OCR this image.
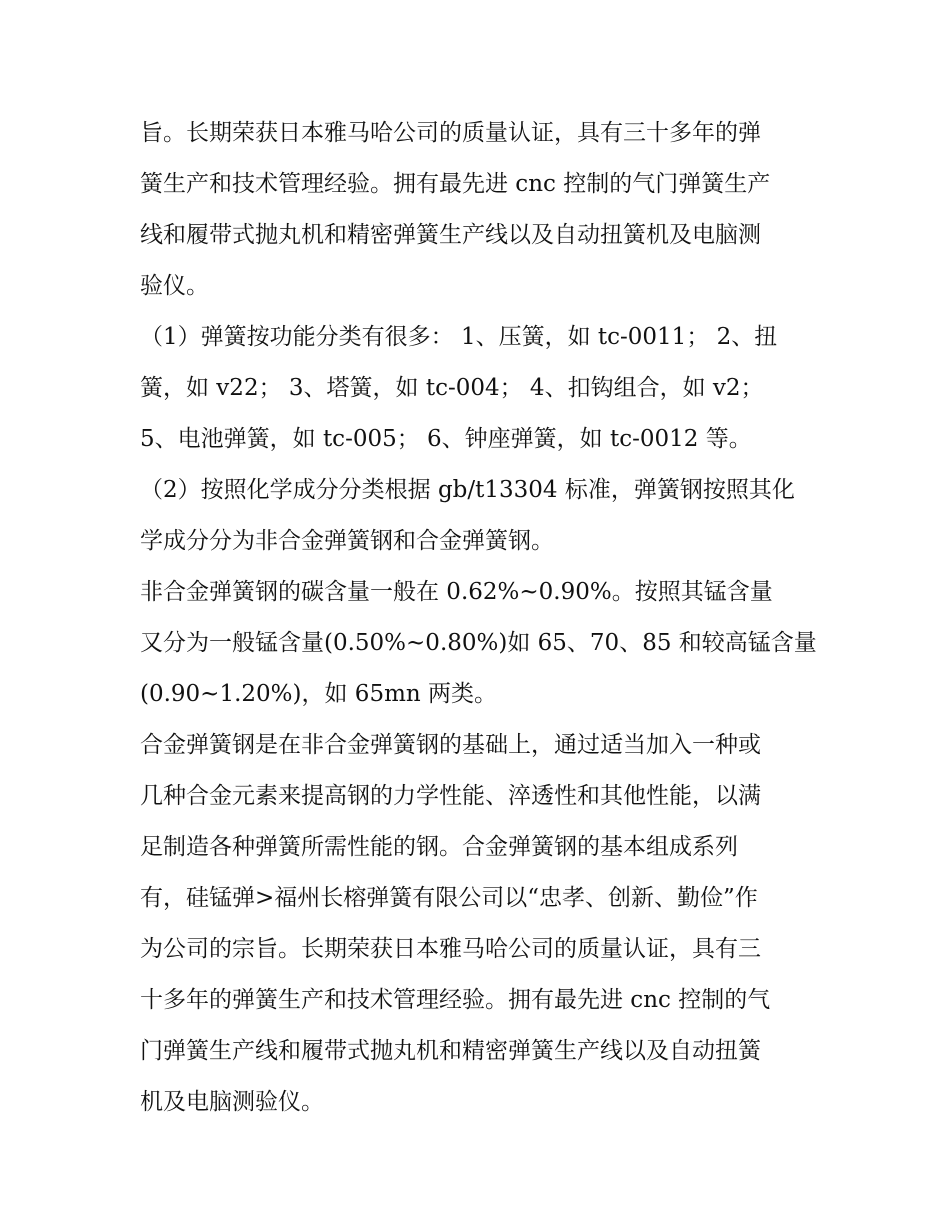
旨。长期荣获日本雅马哈公司的质量认证，具有三十多年的弹
簧生产和技术管理经验。拥有最先进 cnc 控制的气门弹簧生产
线和履带式抛丸机和精密弹簧生产线以及自动扭簧机及电脑测
验仪。
（1）弹簧按功能分类有很多： 1、压簧，如 tc-0011； 2、扭
簧，如 v22； 3、塔簧，如 tc-004； 4、扣钩组合，如 v2；
5、电池弹簧，如 tc-005； 6、钟座弹簧，如 tc-0012 等。
（2）按照化学成分分类根据 gb/t13304 标准，弹簧钢按照其化
学成分分为非合金弹簧钢和合金弹簧钢。
非合金弹簧钢的碳含量一般在 0.62%~0.90%。按照其锰含量
又分为一般锰含量(0.50%~0.80%)如 65、70、85 和较高锰含量
(0.90~1.20%)，如 65mn 两类。
合金弹簧钢是在非合金弹簧钢的基础上，通过适当加入一种或
几种合金元素来提高钢的力学性能、淬透性和其他性能，以满
足制造各种弹簧所需性能的钢。合金弹簧钢的基本组成系列
有，硅锰弹>福州长榕弹簧有限公司以“忠孝、创新、勤俭”作
为公司的宗旨。长期荣获日本雅马哈公司的质量认证，具有三
十多年的弹簧生产和技术管理经验。拥有最先进 cnc 控制的气
门弹簧生产线和履带式抛丸机和精密弹簧生产线以及自动扭簧
机及电脑测验仪。
